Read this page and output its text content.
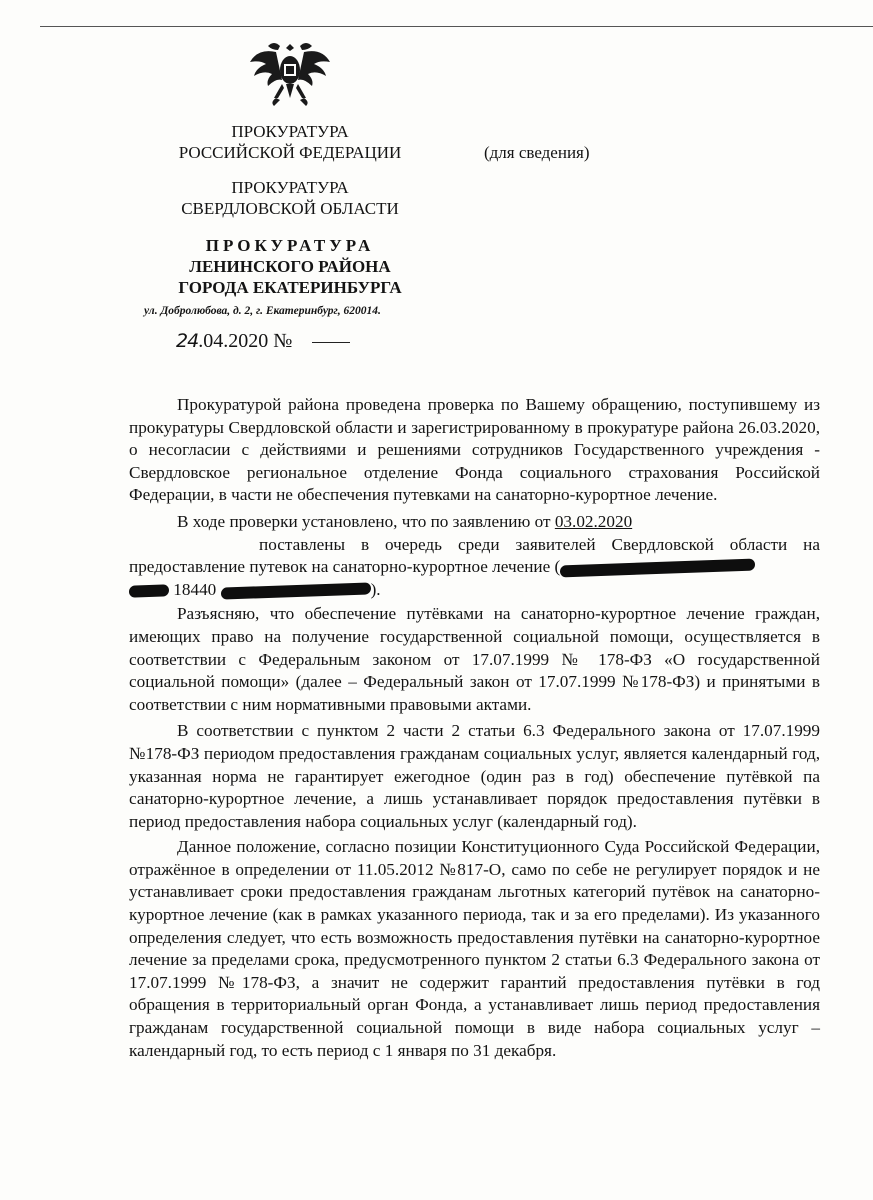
ПРОКУРАТУРА
РОССИЙСКОЙ ФЕДЕРАЦИИ	(для сведения)
ПРОКУРАТУРА
СВЕРДЛОВСКОЙ ОБЛАСТИ
ПРОКУРАТУРА
ЛЕНИНСКОГО РАЙОНА
ГОРОДА ЕКАТЕРИНБУРГА
ул. Добролюбова, д. 2, г. Екатеринбург, 620014.
24.04.2020 №

Прокуратурой района проведена проверка по Вашему обращению, поступившему из прокуратуры Свердловской области и зарегистрированному в прокуратуре района 26.03.2020, о несогласии с действиями и решениями сотрудников Государственного учреждения - Свердловское региональное отделение Фонда социального страхования Российской Федерации, в части не обеспечения путевками на санаторно-курортное лечение.

В ходе проверки установлено, что по заявлению от 03.02.2020
поставлены в очередь среди заявителей Свердловской области на предоставление путевок на санаторно-курортное лечение (
18440	).

Разъясняю, что обеспечение путёвками на санаторно-курортное лечение граждан, имеющих право на получение государственной социальной помощи, осуществляется в соответствии с Федеральным законом от 17.07.1999 № 178-ФЗ «О государственной социальной помощи» (далее – Федеральный закон от 17.07.1999 №178-ФЗ) и принятыми в соответствии с ним нормативными правовыми актами.

В соответствии с пунктом 2 части 2 статьи 6.3 Федерального закона от 17.07.1999 №178-ФЗ периодом предоставления гражданам социальных услуг, является календарный год, указанная норма не гарантирует ежегодное (один раз в год) обеспечение путёвкой па санаторно-курортное лечение, а лишь устанавливает порядок предоставления путёвки в период предоставления набора социальных услуг (календарный год).

Данное положение, согласно позиции Конституционного Суда Российской Федерации, отражённое в определении от 11.05.2012 №817-О, само по себе не регулирует порядок и не устанавливает сроки предоставления гражданам льготных категорий путёвок на санаторно-курортное лечение (как в рамках указанного периода, так и за его пределами). Из указанного определения следует, что есть возможность предоставления путёвки на санаторно-курортное лечение за пределами срока, предусмотренного пунктом 2 статьи 6.3 Федерального закона от 17.07.1999 №178-ФЗ, а значит не содержит гарантий предоставления путёвки в год обращения в территориальный орган Фонда, а устанавливает лишь период предоставления гражданам государственной социальной помощи в виде набора социальных услуг – календарный год, то есть период с 1 января по 31 декабря.
